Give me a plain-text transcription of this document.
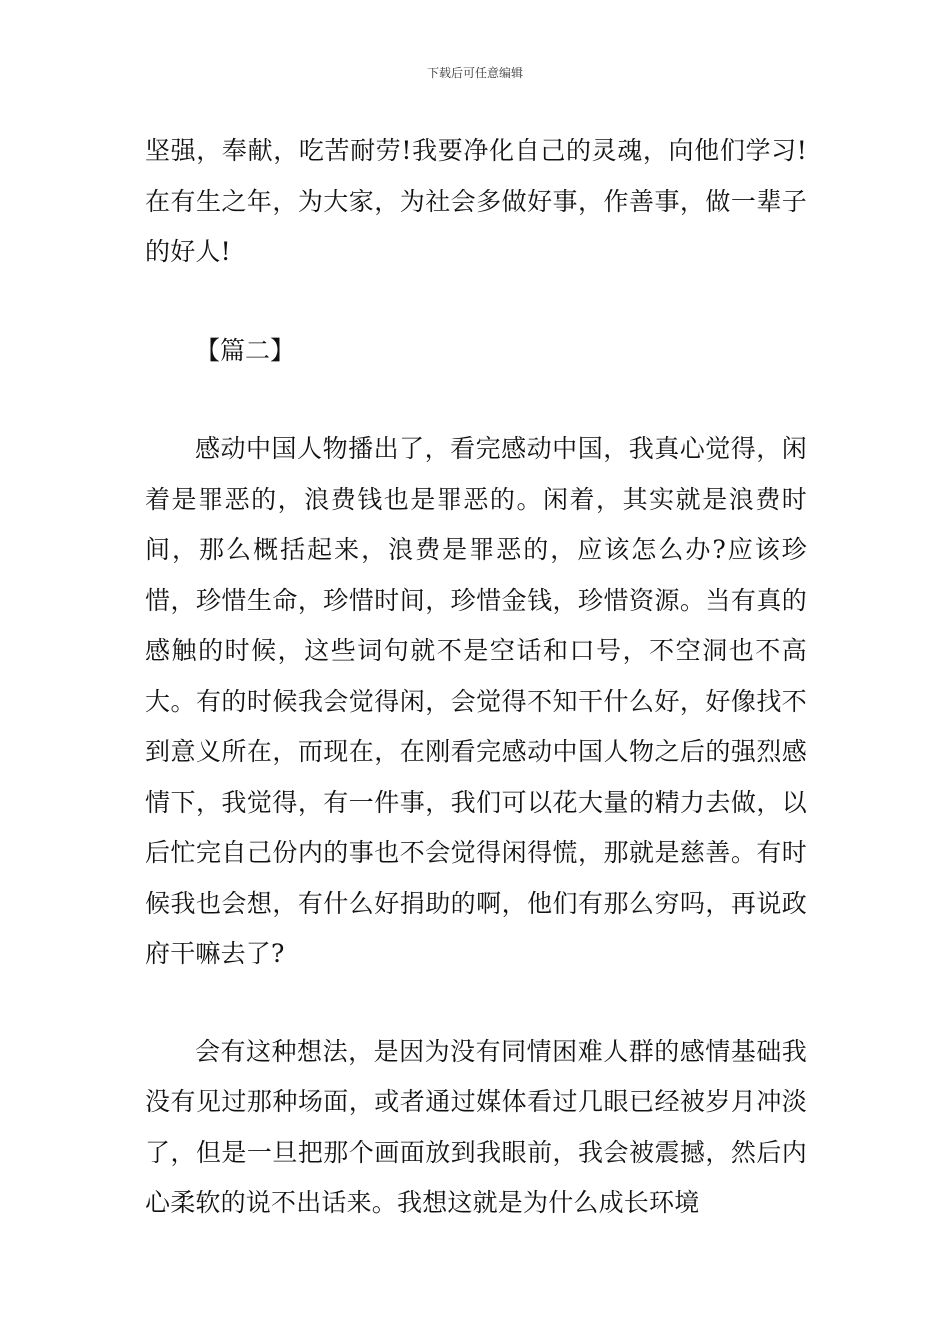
下载后可任意编辑

坚强，奉献，吃苦耐劳!我要净化自己的灵魂，向他们学习!在有生之年，为大家，为社会多做好事，作善事，做一辈子的好人!

【篇二】

感动中国人物播出了，看完感动中国，我真心觉得，闲着是罪恶的，浪费钱也是罪恶的。闲着，其实就是浪费时间，那么概括起来，浪费是罪恶的，应该怎么办?应该珍惜，珍惜生命，珍惜时间，珍惜金钱，珍惜资源。当有真的感触的时候，这些词句就不是空话和口号，不空洞也不高大。有的时候我会觉得闲，会觉得不知干什么好，好像找不到意义所在，而现在，在刚看完感动中国人物之后的强烈感情下，我觉得，有一件事，我们可以花大量的精力去做，以后忙完自己份内的事也不会觉得闲得慌，那就是慈善。有时候我也会想，有什么好捐助的啊，他们有那么穷吗，再说政府干嘛去了?

会有这种想法，是因为没有同情困难人群的感情基础我没有见过那种场面，或者通过媒体看过几眼已经被岁月冲淡了，但是一旦把那个画面放到我眼前，我会被震撼，然后内心柔软的说不出话来。我想这就是为什么成长环境
